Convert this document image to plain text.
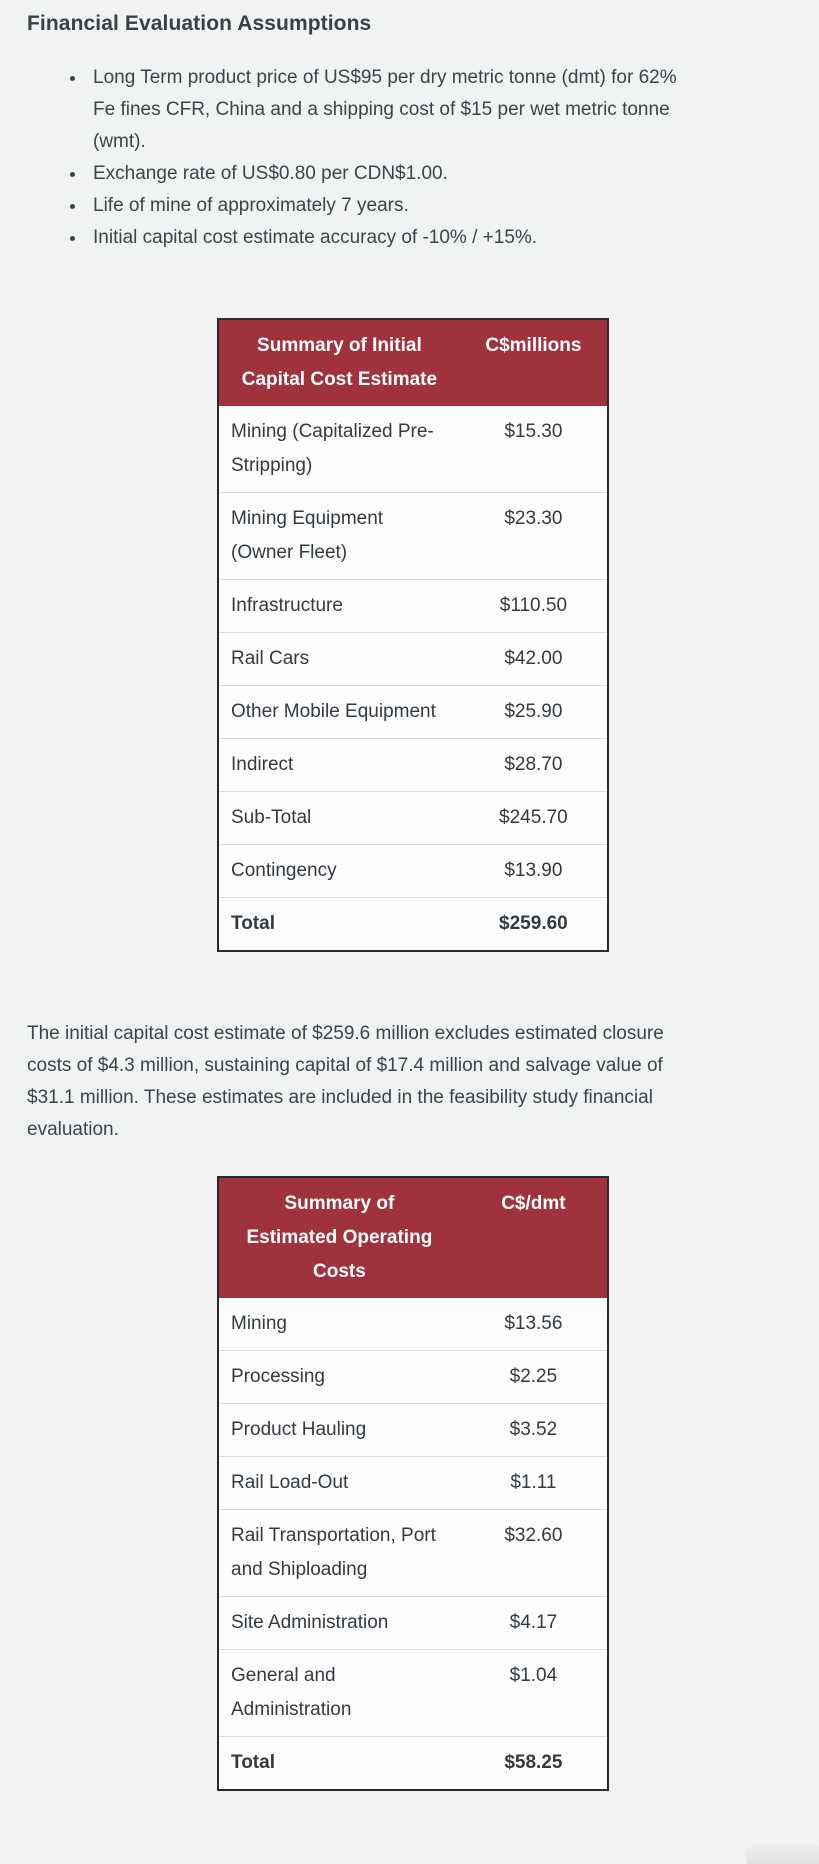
Financial Evaluation Assumptions
• Long Term product price of US$95 per dry metric tonne (dmt) for 62% Fe fines CFR, China and a shipping cost of $15 per wet metric tonne (wmt).
• Exchange rate of US$0.80 per CDN$1.00.
• Life of mine of approximately 7 years.
• Initial capital cost estimate accuracy of -10% / +15%.
Summary of Initial Capital Cost Estimate	C$millions
Mining (Capitalized Pre-Stripping)	$15.30
Mining Equipment (Owner Fleet)	$23.30
Infrastructure	$110.50
Rail Cars	$42.00
Other Mobile Equipment	$25.90
Indirect	$28.70
Sub-Total	$245.70
Contingency	$13.90
Total	$259.60

The initial capital cost estimate of $259.6 million excludes estimated closure costs of $4.3 million, sustaining capital of $17.4 million and salvage value of $31.1 million. These estimates are included in the feasibility study financial evaluation.

Summary of Estimated Operating Costs	C$/dmt
Mining	$13.56
Processing	$2.25
Product Hauling	$3.52
Rail Load-Out	$1.11
Rail Transportation, Port and Shiploading	$32.60
Site Administration	$4.17
General and Administration	$1.04
Total	$58.25
